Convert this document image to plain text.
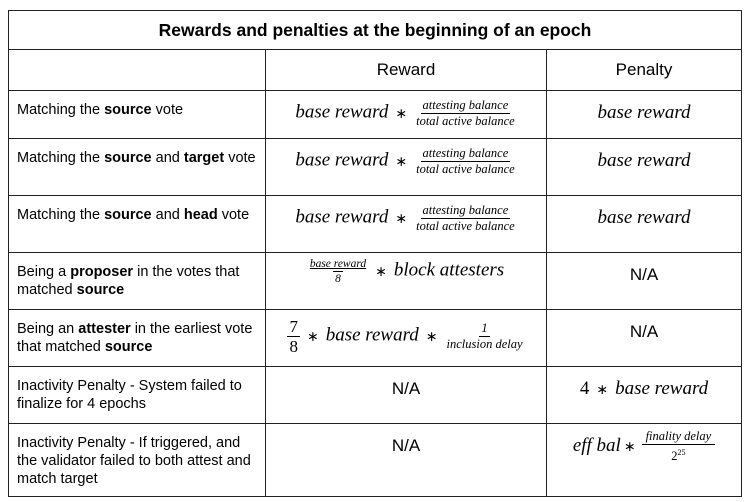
Rewards and penalties at the beginning of an epoch		
	Reward	Penalty
Matching the source vote	base reward ∗ $\frac{\text{attesting balance}}{\text{total active balance}}$	base reward
Matching the source and target vote	base reward ∗ $\frac{\text{attesting balance}}{\text{total active balance}}$	base reward
Matching the source and head vote	base reward ∗ $\frac{\text{attesting balance}}{\text{total active balance}}$	base reward
Being a proposer in the votes that matched source	$\frac{\text{base reward}}{8}$ ∗ block attesters	N/A
Being an attester in the earliest vote that matched source	$\frac{7}{8}$ ∗ base reward ∗ $\frac{1}{\text{inclusion delay}}$	N/A
Inactivity Penalty - System failed to finalize for 4 epochs	N/A	4 ∗ base reward
Inactivity Penalty - If triggered, and the validator failed to both attest and match target	N/A	eff bal ∗ $\frac{\text{finality delay}}{2^{25}}$
